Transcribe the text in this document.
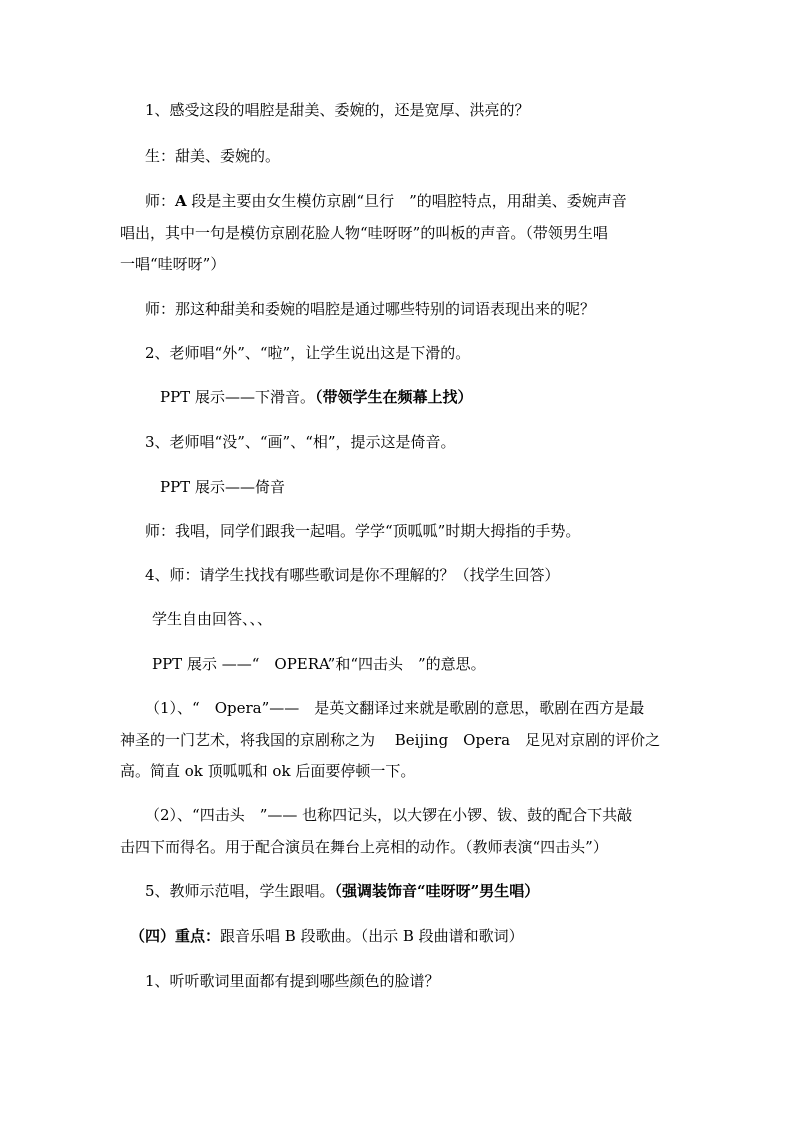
1、感受这段的唱腔是甜美、委婉的，还是宽厚、洪亮的？
生：甜美、委婉的。
师：A 段是主要由女生模仿京剧“旦行　”的唱腔特点，用甜美、委婉声音
唱出，其中一句是模仿京剧花脸人物“哇呀呀”的叫板的声音。（带领男生唱
一唱“哇呀呀”）
师：那这种甜美和委婉的唱腔是通过哪些特别的词语表现出来的呢？
2、老师唱“外”、“啦”，让学生说出这是下滑的。
PPT 展示——下滑音。（带领学生在频幕上找）
3、老师唱“没”、“画”、“相”，提示这是倚音。
PPT 展示——倚音
师：我唱，同学们跟我一起唱。学学“顶呱呱”时期大拇指的手势。
4、师：请学生找找有哪些歌词是你不理解的？（找学生回答）
学生自由回答、、、
PPT 展示 ——“　OPERA”和“四击头　”的意思。
（1）、“　Opera”——　是英文翻译过来就是歌剧的意思，歌剧在西方是最
神圣的一门艺术，将我国的京剧称之为　 Beijing　Opera　足见对京剧的评价之
高。简直 ok 顶呱呱和 ok 后面要停顿一下。
（2）、“四击头　”—— 也称四记头，以大锣在小锣、钹、鼓的配合下共敲
击四下而得名。用于配合演员在舞台上亮相的动作。（教师表演“四击头”）
5、教师示范唱，学生跟唱。（强调装饰音“哇呀呀”男生唱）
（四）重点：跟音乐唱 B 段歌曲。（出示 B 段曲谱和歌词）
1、听听歌词里面都有提到哪些颜色的脸谱？
